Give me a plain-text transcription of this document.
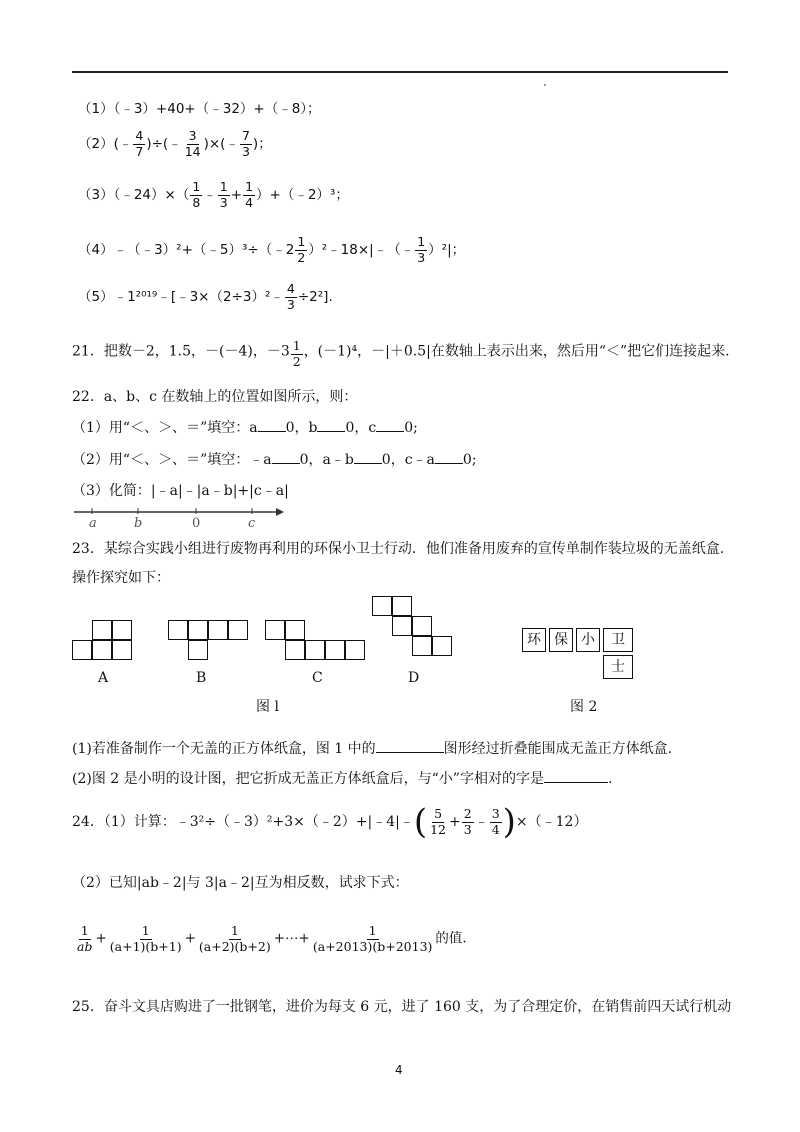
（1）（﹣3）+40+（﹣32）+（﹣8）；
（2）(﹣ $\frac{4}{7}$ )÷(﹣ $\frac{3}{14}$ )×(﹣ $\frac{7}{3}$ )；
（3）（﹣24）×（ $\frac{1}{8}$ ﹣ $\frac{1}{3} + \frac{1}{4}$ ）+（﹣2）³；
（4）﹣（﹣3）²+（﹣5）³÷（﹣2 $\frac{1}{2}$ ）²﹣18×|﹣（﹣ $\frac{1}{3} )^2|$；
（5）﹣1²⁰¹⁹﹣[﹣3×（2÷3）²﹣ $\frac{4}{3} \div 2^2$].
21．把数－2，1.5，－(－4)，$-3 \frac{1}{2}$ ，(－1)⁴，－|＋0.5|在数轴上表示出来，然后用“＜”把它们连接起来.
22．a、b、c 在数轴上的位置如图所示，则：
（1）用“＜、＞、＝”填空：a 0，b 0，c 0;
（2）用“＜、＞、＝”填空：﹣a 0，a﹣b 0，c﹣a 0;
（3）化简：|﹣a|﹣|a﹣b|+|c﹣a|
a	b	0	c
23．某综合实践小组进行废物再利用的环保小卫士行动．他们准备用废弃的宣传单制作装垃圾的无盖纸盒.
操作探究如下：
A	B	C	D
图 l
环 保 小	卫
士
图 2
(1)若准备制作一个无盖的正方体纸盒，图 1 中的	图形经过折叠能围成无盖正方体纸盒.
(2)图 2 是小明的设计图，把它折成无盖正方体纸盒后，与“小”字相对的字是	.
24．（1）计算：﹣3²÷（﹣3）²+3×（﹣2）+|﹣4|﹣( $\frac{5}{12} + \frac{2}{3}$ ﹣ $\frac{3}{4}$ )×（﹣12）
（2）已知|ab﹣2|与 3|a﹣2|互为相反数，试求下式：
$\frac{1}{ab} + \frac{1}{(a+1)(b+1)} + \frac{1}{(a+2)(b+2)}$ +⋯+ $\frac{1}{(a+2013)(b+2013)}$ 的值.
25．奋斗文具店购进了一批钢笔，进价为每支 6 元，进了 160 支，为了合理定价，在销售前四天试行机动
4
